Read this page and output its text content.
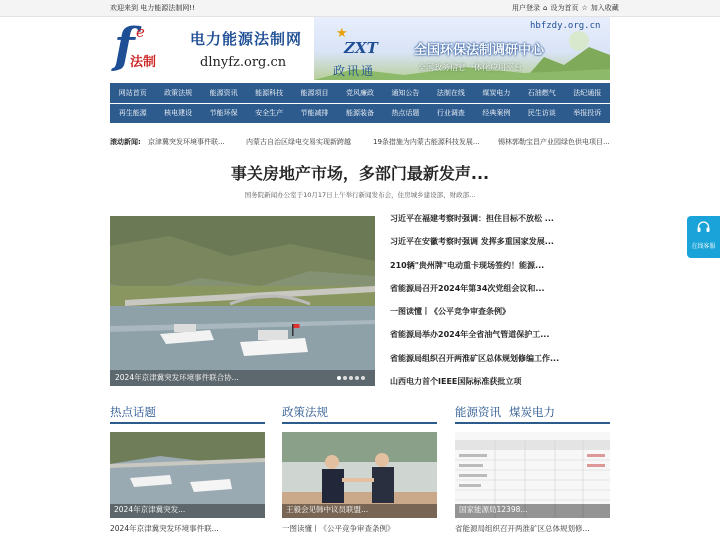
欢迎来到 电力能源法制网!!	用户登录 ⌂ 设为首页 ☆ 加入收藏
f e
法制
电力能源法制网
dlnyfz.org.cn
★
ZXT
政讯通
hbfzdy.org.cn
全国环保法制调研中心
全国政务信息一体化应用平台
网站首页	政策法规	能源资讯	能源科技	能源项目	党风廉政	通知公告	法制在线	煤炭电力	石油燃气	法纪通报
再生能源	核电建设	节能环保	安全生产	节能减排	能源装备	热点话题	行业调查	经典案例	民生访谈	举报投诉
滚动新闻: 京津冀突发环境事件联...	内蒙古自治区绿电交易实现新跨越	19条措施为内蒙古能源科技发展...	锡林郭勒宝昌产业园绿色供电项目...
事关房地产市场，多部门最新发声...
国务院新闻办公室于10月17日上午举行新闻发布会，住房城乡建设部、财政部...
2024年京津冀突发环境事件联合协...
习近平在福建考察时强调：担住目标不放松 ...
习近平在安徽考察时强调 发挥多重国家发展...
210辆"贵州牌"电动重卡现场签约！能源...
省能源局召开2024年第34次党组会议和...
一图读懂丨《公平竞争审查条例》
省能源局举办2024年全省油气管道保护工...
省能源局组织召开两淮矿区总体规划修编工作...
山西电力首个IEEE国际标准获批立项
热点话题
2024年京津冀突发...
2024年京津冀突发环境事件联...
政策法规
王毅会见韩中议员联盟...
一图读懂丨《公平竞争审查条例》
能源资讯 煤炭电力
国家能源局12398...
省能源局组织召开两淮矿区总体规划修...
在线客服
